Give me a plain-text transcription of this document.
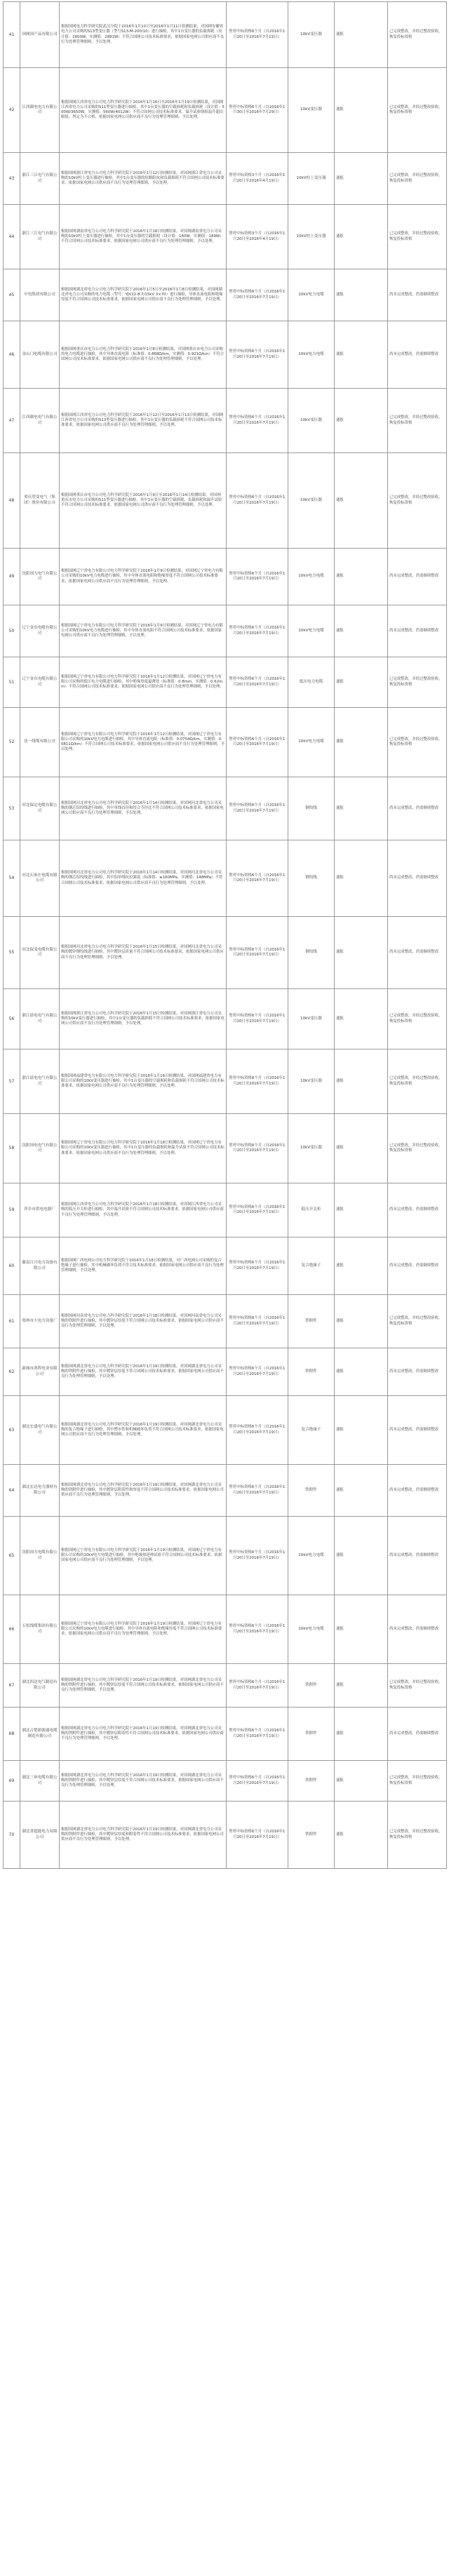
41	国网国产品有限公司	根据国网电力科学研究院武汉分院于2016年1月10日至2016年1月11日检测结果，对国网安徽省电力公司采购的S13型变压器（型号S13-M-200/10）进行抽检，其中1台变压器的负载损耗（设计值：2600W，实测值：2891W）不符合国网公司技术标准要求，依据国家电网公司供应商不良行为处理管理细则，予以处理。	暂停中标资格6个月（自2016年1月20日至2016年7月19日）	10kV变压器	通报	已完成整改，并经过整改验收，恢复投标资格
42	江西赣电电力有限公司	根据国网江西省电力公司电力科学研究院于2016年1月16日至2016年1月19日检测结果，对国网江西省电力公司采购的S11型变压器进行抽检，其中1台变压器的空载损耗和负载损耗（设计值：500W/3650W，实测值：560W/4012W）不符合国网公司技术标准要求，温升试验绕组温升超出限值，判定为不合格，依据国家电网公司供应商不良行为处理管理细则，予以处理。	暂停中标资格6个月（自2016年1月30日至2016年7月29日）	10kV变压器	通报	已完成整改，并经过整改验收，恢复投标资格
43	浙江三江电气有限公司	根据国网浙江省电力公司电力科学研究院于2016年1月12日检测结果，对国网浙江省电力公司采购的10kV柱上变压器进行抽检，其中1台变压器的短路阻抗和负载损耗不符合国网公司技术标准要求，依据国家电网公司供应商不良行为处理管理细则，予以处理。	暂停中标资格3个月（自2016年1月20日至2016年4月19日）	10kV柱上变压器	通报	已完成整改，并经过整改验收，恢复投标资格
44	浙江三江电气有限公司	根据国网湖南省电力公司电力科学研究院于2016年1月18日检测结果，对国网湖南省电力公司采购的10kV柱上变压器进行抽检，其中1台变压器的空载损耗（设计值：160W，实测值：189W）不符合国网公司技术标准要求，依据国家电网公司供应商不良行为处理管理细则，予以处理。	暂停中标资格3个月（自2016年1月20日至2016年4月19日）	10kV柱上变压器	通报	已完成整改，并经过整改验收，恢复投标资格
45	中电集团有限公司	根据国网湖北省电力公司电力科学研究院于2016年1月5日至2016年1月8日检测结果，对国网湖北省电力公司采购的电力电缆（型号：YJV22-8.7/15kV 3×70）进行抽检，导体直流电阻和绝缘厚度不符合国网公司技术标准要求，依据国家电网公司供应商不良行为处理管理细则，予以处理。	暂停中标资格6个月（自2016年1月20日至2016年7月19日）	10kV电力电缆	通报	尚未完成整改，仍需继续整改
46	金山门电缆有限公司	根据国网重庆市电力公司电力科学研究院于2016年1月8日检测结果，对国网重庆市电力公司采购的电力电缆进行抽检，其中导体直流电阻（标准值：0.868Ω/km，实测值：0.921Ω/km）不符合国网公司技术标准要求，依据国家电网公司供应商不良行为处理管理细则，予以处理。	暂停中标资格6个月（自2016年1月20日至2016年7月19日）	10kV电力电缆	通报	尚未完成整改，仍需继续整改
47	江西赣电电气有限公司	根据国网江西省电力公司电力科学研究院于2016年1月12日至2016年1月13日检测结果，对国网江西省电力公司采购的S13型变压器进行抽检，其中1台变压器的负载损耗不符合国网公司技术标准要求，依据国家电网公司供应商不良行为处理管理细则，予以处理。	暂停中标资格6个月（自2016年1月20日至2016年7月19日）	10kV变压器	通报	已完成整改，并经过整改验收，恢复投标资格
48	重庆望变电气（集团）股份有限公司	根据国网重庆市电力公司电力科学研究院于2016年1月9日至2016年1月14日检测结果，对国网重庆市电力公司采购的S11型变压器进行抽检，其中1台变压器的空载损耗、负载损耗和温升试验不符合国网公司技术标准要求，依据国家电网公司供应商不良行为处理管理细则，予以处理。	暂停中标资格6个月（自2016年1月20日至2016年7月19日）	10kV变压器	通报	已完成整改，并经过整改验收，恢复投标资格
49	沈阳国力电气有限公司	根据国网辽宁省电力有限公司电力科学研究院于2016年1月9日检测结果，对国网辽宁省电力有限公司采购的10kV电力电缆进行抽检，其中导体直流电阻和绝缘厚度不符合国网公司技术标准要求，依据国家电网公司供应商不良行为处理管理细则，予以处理。	暂停中标资格6个月（自2016年1月20日至2016年7月19日）	10kV电力电缆	通报	尚未完成整改，仍需继续整改
50	辽宁金东电缆有限公司	根据国网辽宁省电力有限公司电力科学研究院于2016年1月9日检测结果，对国网辽宁省电力有限公司采购的10kV电力电缆进行抽检，其中导体直流电阻不符合国网公司技术标准要求，依据国家电网公司供应商不良行为处理管理细则，予以处理。	暂停中标资格6个月（自2016年1月20日至2016年7月19日）	10kV电力电缆	通报	尚未完成整改，仍需继续整改
51	辽宁金东电缆有限公司	根据国网辽宁省电力有限公司电力科学研究院于2016年1月12日检测结果，对国网辽宁省电力有限公司采购的低压电力电缆进行抽检，其中绝缘厚度最薄处（标准值：0.8mm，实测值：0.62mm）不符合国网公司技术标准要求，依据国家电网公司供应商不良行为处理管理细则，予以处理。	暂停中标资格6个月（自2016年1月20日至2016年7月19日）	低压电力电缆	通报	已完成整改，并经过整改验收，恢复投标资格
52	沈一线缆有限公司	根据国网辽宁省电力有限公司电力科学研究院于2016年1月12日检测结果，对国网辽宁省电力有限公司采购的10kV电力电缆进行抽检，其中导体直流电阻（标准值：0.0754Ω/km，实测值：0.0811Ω/km）不符合国网公司技术标准要求，依据国家电网公司供应商不良行为处理管理细则，予以处理。	暂停中标资格6个月（自2016年1月20日至2016年7月19日）	10kV电力电缆	通报	已完成整改，并经过整改验收，恢复投标资格
53	河北保定电缆有限公司	根据国网河北省电力公司电力科学研究院于2016年1月14日检测结果，对国网河北省电力公司采购的钢芯铝绞线进行抽检，其中单线直径和绞合节径比不符合国网公司技术标准要求，依据国家电网公司供应商不良行为处理管理细则，予以处理。	暂停中标资格6个月（自2016年1月20日至2016年7月19日）	钢绞线	通报	尚未完成整改，仍需继续整改
54	河北石家庄电缆有限公司	根据国网河北省电力公司电力科学研究院于2016年1月14日检测结果，对国网河北省电力公司采购的钢芯铝绞线进行抽检，其中铝单线抗拉强度（标准值：≥160MPa，实测值：148MPa）不符合国网公司技术标准要求，依据国家电网公司供应商不良行为处理管理细则，予以处理。	暂停中标资格6个月（自2016年1月20日至2016年7月19日）	钢绞线	通报	尚未完成整改，仍需继续整改
55	河北保变电缆有限公司	根据国网河北省电力公司电力科学研究院于2016年1月15日检测结果，对国网河北省电力公司采购的镀锌钢绞线进行抽检，其中镀锌层质量不符合国网公司技术标准要求，依据国家电网公司供应商不良行为处理管理细则，予以处理。	暂停中标资格6个月（自2016年1月20日至2016年7月19日）	钢绞线	通报	尚未完成整改，仍需继续整改
56	浙江晨电电气有限公司	根据国网浙江省电力公司电力科学研究院于2016年1月15日检测结果，对国网浙江省电力公司采购的10kV变压器进行抽检，其中1台变压器的负载损耗不符合国网公司技术标准要求，依据国家电网公司供应商不良行为处理管理细则，予以处理。	暂停中标资格6个月（自2016年1月20日至2016年7月19日）	10kV变压器	通报	已完成整改，并经过整改验收，恢复投标资格
57	浙江晨电电气有限公司	根据国网福建省电力有限公司电力科学研究院于2016年1月16日检测结果，对国网福建省电力有限公司采购的10kV变压器进行抽检，其中1台变压器的空载损耗和负载损耗不符合国网公司技术标准要求，依据国家电网公司供应商不良行为处理管理细则，予以处理。	暂停中标资格6个月（自2016年1月20日至2016年7月19日）	10kV变压器	通报	已完成整改，并经过整改验收，恢复投标资格
58	沈阳国电电气有限公司	根据国网辽宁省电力有限公司电力科学研究院于2016年1月18日检测结果，对国网辽宁省电力有限公司采购的10kV变压器进行抽检，其中1台变压器的负载损耗和温升试验不符合国网公司技术标准要求，依据国家电网公司供应商不良行为处理管理细则，予以处理。	暂停中标资格6个月（自2016年1月20日至2016年7月19日）	10kV变压器	通报	已完成整改，并经过整改验收，恢复投标资格
59	萍乡市供电电器厂	根据国网江西省电力公司电力科学研究院于2016年1月18日检测结果，对国网江西省电力公司采购的低压开关柜进行抽检，其中温升试验不符合国网公司技术标准要求，依据国家电网公司供应商不良行为处理管理细则，予以处理。	暂停中标资格6个月（自2016年1月20日至2016年7月19日）	低压开关柜	通报	尚未完成整改，仍需继续整改
60	藤县百兴电力设备有限公司	根据国网广西电网公司电力科学研究院于2016年1月18日检测结果，对广西电网公司采购的复合绝缘子进行抽检，其中机械破坏负荷不符合技术标准要求，依据国家电网公司供应商不良行为处理管理细则，予以处理。	暂停中标资格6个月（自2016年1月20日至2016年7月19日）	复合绝缘子	通报	尚未完成整改，仍需继续整改
61	郑州市大电力设备厂	根据国网河南省电力公司电力科学研究院于2016年1月18日检测结果，对国网河南省电力公司采购的铁附件进行抽检，其中镀锌层厚度不符合国网公司技术标准要求，依据国家电网公司供应商不良行为处理管理细则，予以处理。	暂停中标资格6个月（自2016年1月20日至2016年7月19日）	铁附件	通报	已完成整改，并经过整改验收，恢复投标资格
62	新城市鸿程电业有限公司	根据国网湖北省电力公司电力科学研究院于2016年1月19日检测结果，对国网湖北省电力公司采购的铁附件进行抽检，其中镀锌层厚度不符合国网公司技术标准要求，依据国家电网公司供应商不良行为处理管理细则，予以处理。	暂停中标资格6个月（自2016年1月20日至2016年7月19日）	铁附件	通报	尚未完成整改，仍需继续整改
63	湖北宏盛电气有限公司	根据国网湖北省电力公司电力科学研究院于2016年1月19日检测结果，对国网湖北省电力公司采购的复合绝缘子进行抽检，其中憎水性和机械破坏负荷不符合国网公司技术标准要求，依据国家电网公司供应商不良行为处理管理细则，予以处理。	暂停中标资格6个月（自2016年1月20日至2016年7月19日）	复合绝缘子	通报	尚未完成整改，仍需继续整改
64	湖北宏达电力器材有限公司	根据国网湖北省电力公司电力科学研究院于2016年1月19日检测结果，对国网湖北省电力公司采购的铁附件进行抽检，其中镀锌层附着性和厚度不符合国网公司技术标准要求，依据国家电网公司供应商不良行为处理管理细则，予以处理。	暂停中标资格6个月（自2016年1月20日至2016年7月19日）	铁附件	通报	尚未完成整改，仍需继续整改
65	沈阳国力电缆有限公司	根据国网辽宁省电力有限公司电力科学研究院于2016年1月19日检测结果，对国网辽宁省电力有限公司采购的10kV电力电缆进行抽检，其中绝缘热延伸试验不符合国网公司技术标准要求，依据国家电网公司供应商不良行为处理管理细则，予以处理。	暂停中标资格6个月（自2016年1月20日至2016年7月19日）	10kV电力电缆	通报	尚未完成整改，仍需继续整改
66	五松线缆集团有限公司	根据国网辽宁省电力有限公司电力科学研究院于2016年1月19日检测结果，对国网辽宁省电力有限公司采购的10kV电力电缆进行抽检，其中导体直流电阻和绝缘厚度不符合国网公司技术标准要求，依据国家电网公司供应商不良行为处理管理细则，予以处理。	暂停中标资格6个月（自2016年1月20日至2016年7月19日）	10kV电力电缆	通报	尚未完成整改，仍需继续整改
67	湖北四达电气制造有限公司	根据国网湖北省电力公司电力科学研究院于2016年1月19日检测结果，对国网湖北省电力公司采购的铁附件进行抽检，其中镀锌层厚度不符合国网公司技术标准要求，依据国家电网公司供应商不良行为处理管理细则，予以处理。	暂停中标资格6个月（自2016年1月20日至2016年7月19日）	铁附件	通报	已完成整改，并经过整改验收，恢复投标资格
68	湖北古楚新源通电缆制造有限公司	根据国网湖北省电力公司电力科学研究院于2016年1月19日检测结果，对国网湖北省电力公司采购的铁附件进行抽检，其中镀锌层附着性不符合国网公司技术标准要求，依据国家电网公司供应商不良行为处理管理细则，予以处理。	暂停中标资格6个月（自2016年1月20日至2016年7月19日）	铁附件	通报	尚未完成整改，仍需继续整改
69	湖北三环电缆有限公司	根据国网湖北省电力公司电力科学研究院于2016年1月19日检测结果，对国网湖北省电力公司采购的铁附件进行抽检，其中镀锌层厚度不符合国网公司技术标准要求，依据国家电网公司供应商不良行为处理管理细则，予以处理。	暂停中标资格6个月（自2016年1月20日至2016年7月19日）	铁附件	通报	已完成整改，并经过整改验收，恢复投标资格
70	湖北省超能电力有限公司	根据国网湖北省电力公司电力科学研究院于2016年1月19日检测结果，对国网湖北省电力公司采购的铁附件进行抽检，其中镀锌层厚度和附着性不符合国网公司技术标准要求，依据国家电网公司供应商不良行为处理管理细则，予以处理。	暂停中标资格6个月（自2016年1月20日至2016年7月19日）	铁附件	通报	已完成整改，并经过整改验收，恢复投标资格
